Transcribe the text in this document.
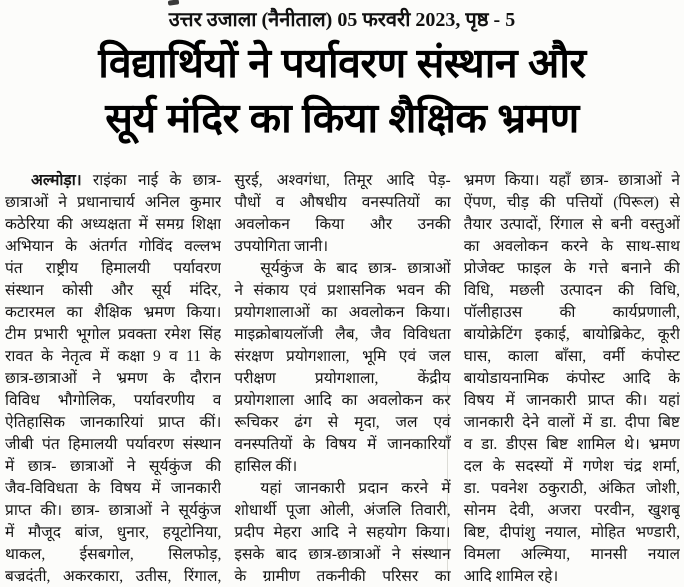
उत्तर उजाला (नैनीताल) 05 फरवरी 2023, पृष्ठ - 5
विद्यार्थियों ने पर्यावरण संस्थान और
सूर्य मंदिर का किया शैक्षिक भ्रमण
अल्मोड़ा। राइंका नाई के छात्र-
छात्राओं ने प्रधानाचार्य अनिल कुमार
कठेरिया की अध्यक्षता में समग्र शिक्षा
अभियान के अंतर्गत गोविंद वल्लभ
पंत राष्ट्रीय हिमालयी पर्यावरण
संस्थान कोसी और सूर्य मंदिर,
कटारमल का शैक्षिक भ्रमण किया।
टीम प्रभारी भूगोल प्रवक्ता रमेश सिंह
रावत के नेतृत्व में कक्षा 9 व 11 के
छात्र-छात्राओं ने भ्रमण के दौरान
विविध भौगोलिक, पर्यावरणीय व
ऐतिहासिक जानकारियां प्राप्त कीं।
जीबी पंत हिमालयी पर्यावरण संस्थान
में छात्र- छात्राओं ने सूर्यकुंज की
जैव-विविधता के विषय में जानकारी
प्राप्त की। छात्र- छात्राओं ने सूर्यकुंज
में मौजूद बांज, धुनार, हयूटोनिया,
थाकल, ईसबगोल, सिलफोड़,
बज्रदंती, अकरकारा, उतीस, रिंगाल,
सुरई, अश्वगंधा, तिमूर आदि पेड़-
पौधों व औषधीय वनस्पतियों का
अवलोकन किया और उनकी
उपयोगिता जानी।
सूर्यकुंज के बाद छात्र- छात्राओं
ने संकाय एवं प्रशासनिक भवन की
प्रयोगशालाओं का अवलोकन किया।
माइक्रोबायलॉजी लैब, जैव विविधता
संरक्षण प्रयोगशाला, भूमि एवं जल
परीक्षण प्रयोगशाला, केंद्रीय
प्रयोगशाला आदि का अवलोकन कर
रूचिकर ढंग से मृदा, जल एवं
वनस्पतियों के विषय में जानकारियाँ
हासिल कीं।
यहां जानकारी प्रदान करने में
शोधार्थी पूजा ओली, अंजलि तिवारी,
प्रदीप मेहरा आदि ने सहयोग किया।
इसके बाद छात्र-छात्राओं ने संस्थान
के ग्रामीण तकनीकी परिसर का
भ्रमण किया। यहाँ छात्र- छात्राओं ने
ऐंपण, चीड़ की पत्तियों (पिरूल) से
तैयार उत्पादों, रिंगाल से बनी वस्तुओं
का अवलोकन करने के साथ-साथ
प्रोजेक्ट फाइल के गत्ते बनाने की
विधि, मछली उत्पादन की विधि,
पॉलीहाउस की कार्यप्रणाली,
बायोक्रेटिंग इकाई, बायोब्रिकेट, कूरी
घास, काला बाँसा, वर्मी कंपोस्ट
बायोडायनामिक कंपोस्ट आदि के
विषय में जानकारी प्राप्त की। यहां
जानकारी देने वालों में डा. दीपा बिष्ट
व डा. डीएस बिष्ट शामिल थे। भ्रमण
दल के सदस्यों में गणेश चंद्र शर्मा,
डा. पवनेश ठकुराठी, अंकित जोशी,
सोनम देवी, अजरा परवीन, खुशबू
बिष्ट, दीपांशु नयाल, मोहित भण्डारी,
विमला अल्मिया, मानसी नयाल
आदि शामिल रहे।
